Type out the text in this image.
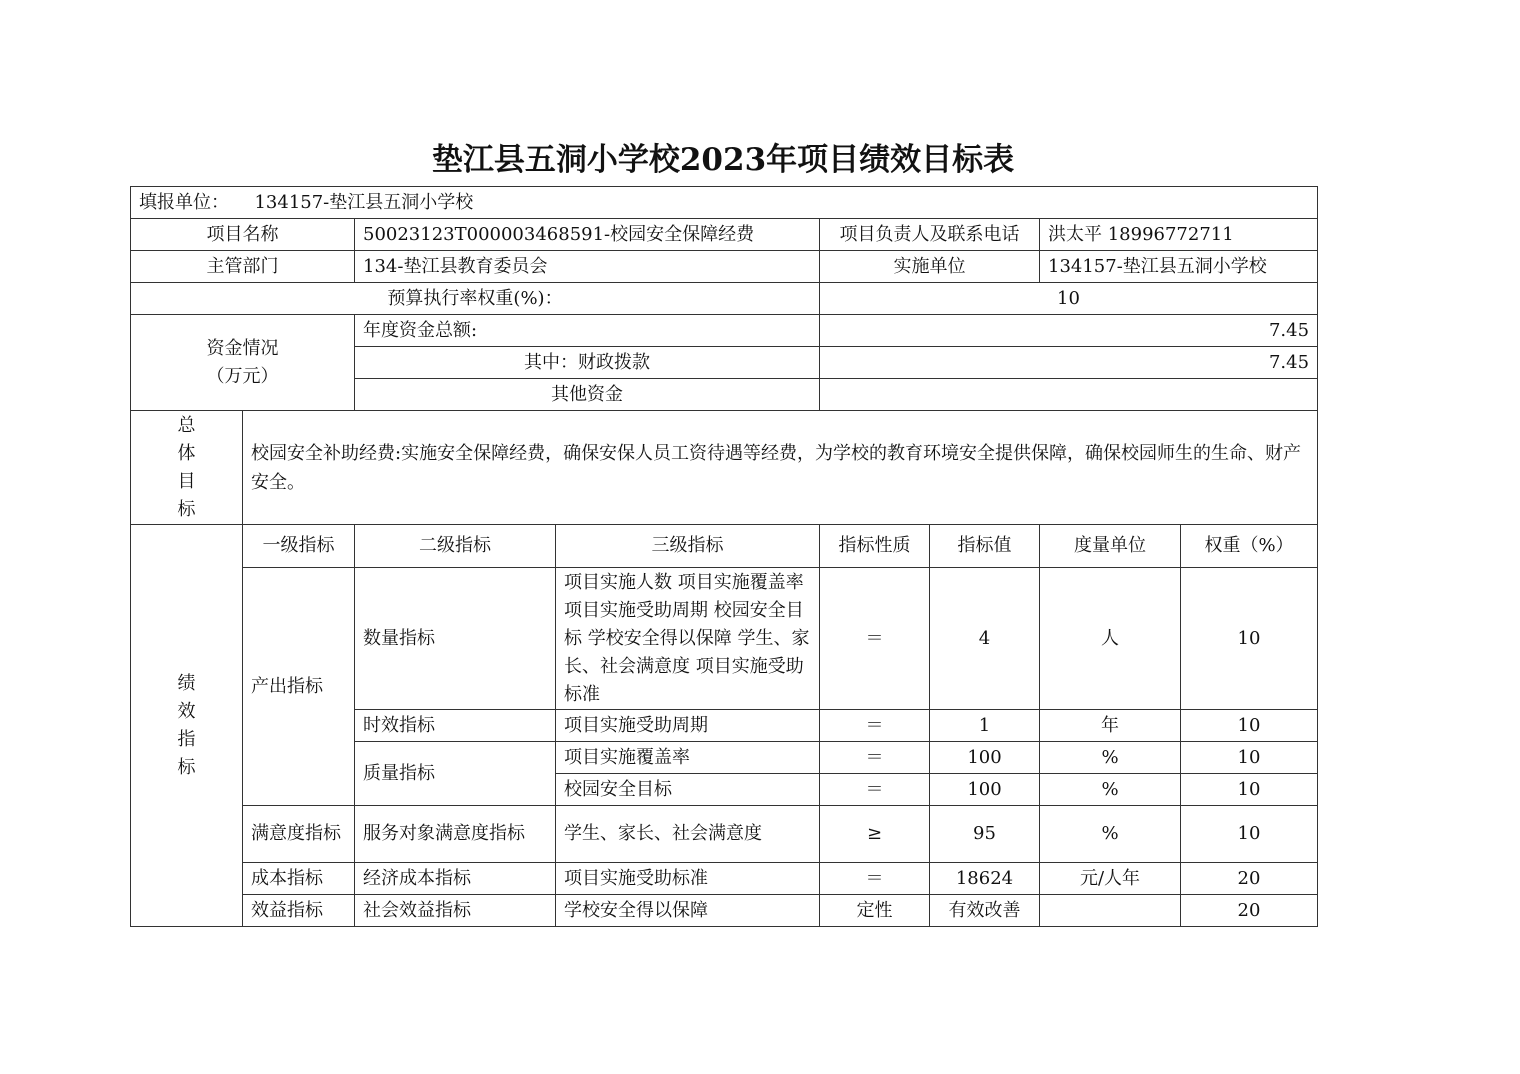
垫江县五洞小学校2023年项目绩效目标表
填报单位： 134157-垫江县五洞小学校							
项目名称		50023123T000003468591-校园安全保障经费		项目负责人及联系电话		洪太平 18996772711	
主管部门		134-垫江县教育委员会		实施单位		134157-垫江县五洞小学校	
预算执行率权重(%)：				10			

资金情况
（万元）		年度资金总额:		7.45			
		其中：财政拨款		7.45			
		其他资金					

总
体
目
标	校园安全补助经费:实施安全保障经费，确保安保人员工资待遇等经费，为学校的教育环境安全提供保障，确保校园师生的生命、财产安全。						

绩
效
指
标	一级指标	二级指标	三级指标	指标性质	指标值	度量单位	权重（%）
	产出指标	数量指标	项目实施人数 项目实施覆盖率 项目实施受助周期 校园安全目标 学校安全得以保障 学生、家长、社会满意度 项目实施受助标准	＝	4	人	10
		时效指标	项目实施受助周期	＝	1	年	10
		质量指标	项目实施覆盖率	＝	100	%	10
			校园安全目标	＝	100	%	10
	满意度指标	服务对象满意度指标	学生、家长、社会满意度	≥	95	%	10
	成本指标	经济成本指标	项目实施受助标准	＝	18624	元/人年	20
	效益指标	社会效益指标	学校安全得以保障	定性	有效改善		20
